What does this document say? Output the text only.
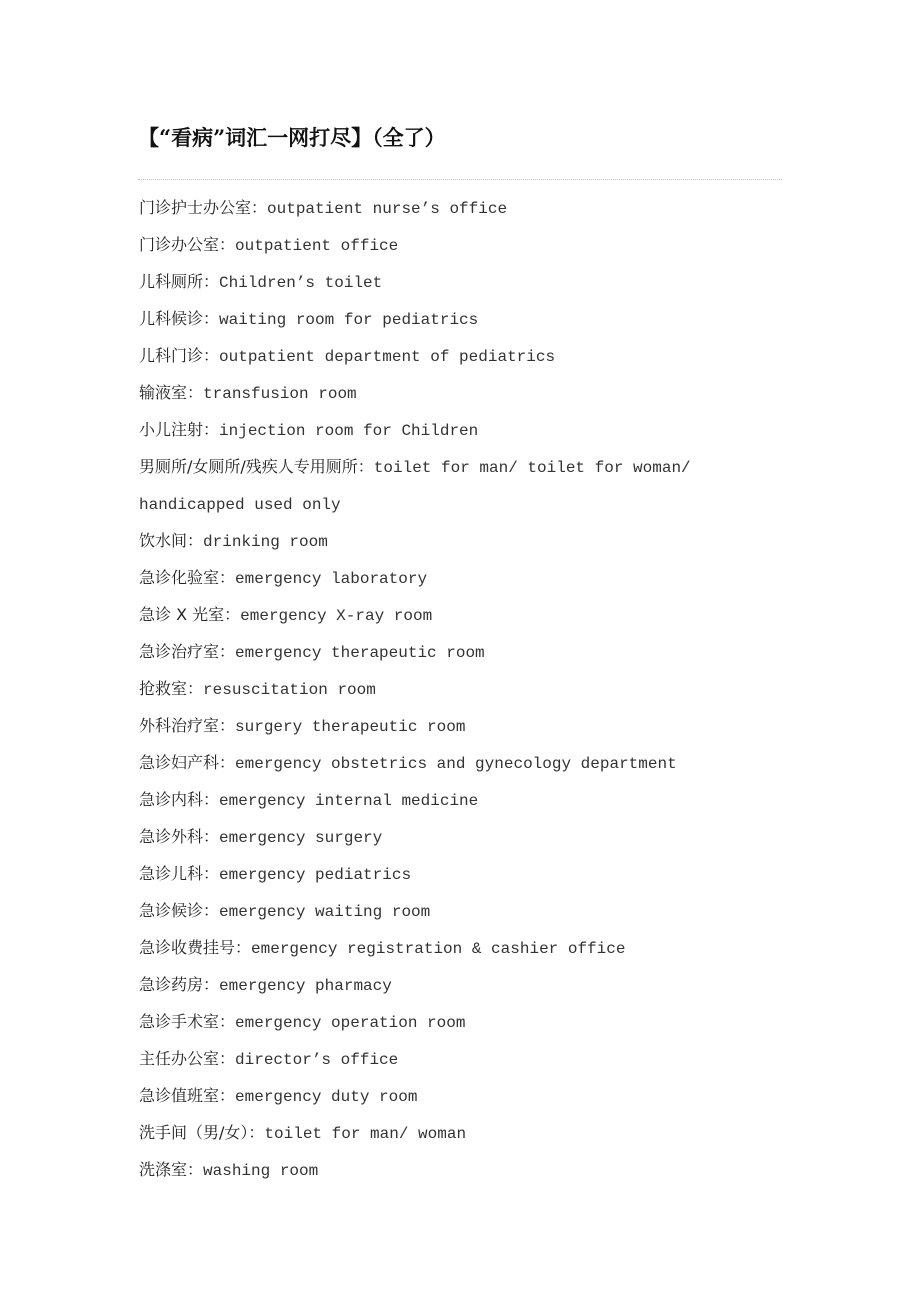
【“看病”词汇一网打尽】（全了）
门诊护士办公室：outpatient nurse’s office
门诊办公室：outpatient office
儿科厕所：Children’s toilet
儿科候诊：waiting room for pediatrics
儿科门诊：outpatient department of pediatrics
输液室：transfusion room
小儿注射：injection room for Children
男厕所/女厕所/残疾人专用厕所：toilet for man/ toilet for woman/
handicapped used only
饮水间：drinking room
急诊化验室：emergency laboratory
急诊 X 光室：emergency X-ray room
急诊治疗室：emergency therapeutic room
抢救室：resuscitation room
外科治疗室：surgery therapeutic room
急诊妇产科：emergency obstetrics and gynecology department
急诊内科：emergency internal medicine
急诊外科：emergency surgery
急诊儿科：emergency pediatrics
急诊候诊：emergency waiting room
急诊收费挂号：emergency registration & cashier office
急诊药房：emergency pharmacy
急诊手术室：emergency operation room
主任办公室：director’s office
急诊值班室：emergency duty room
洗手间（男/女）：toilet for man/ woman
洗涤室：washing room
